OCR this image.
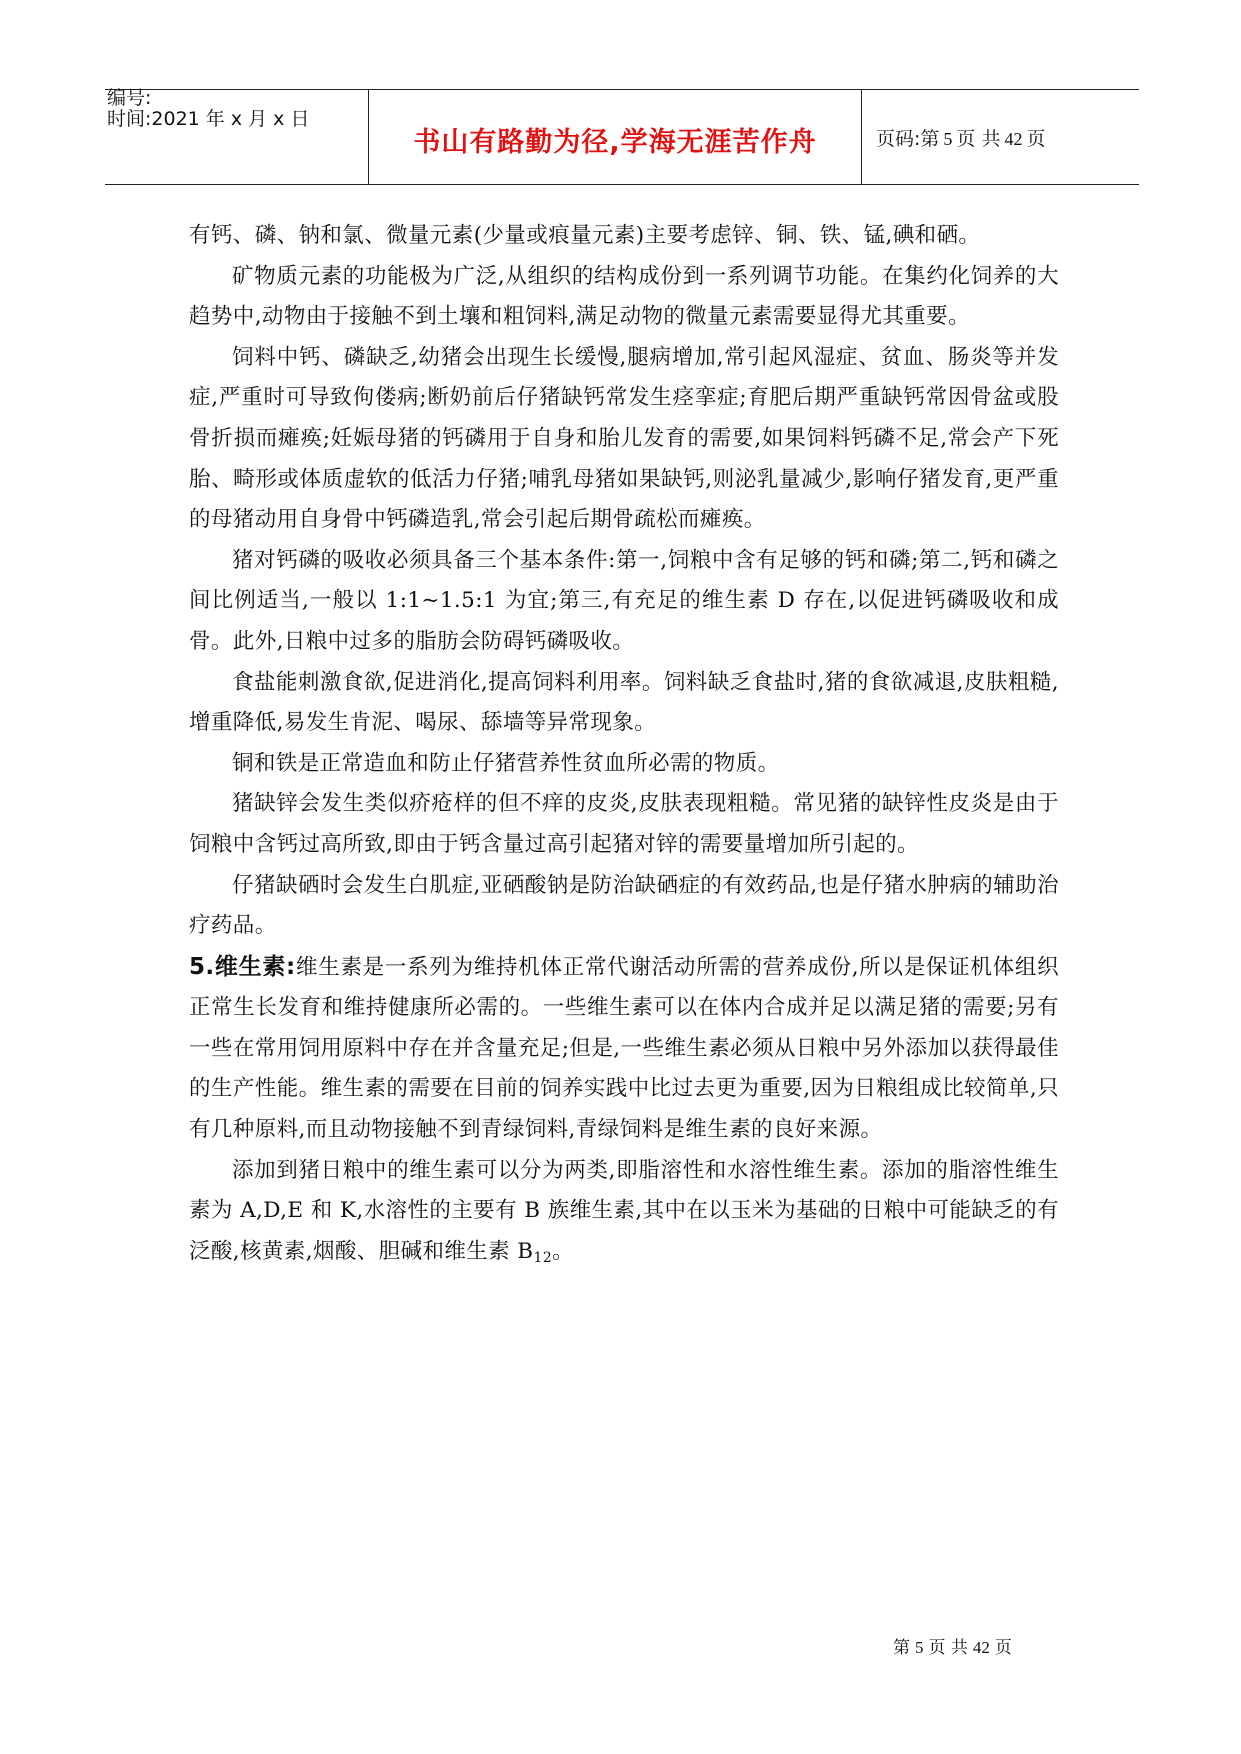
编号:
时间:2021 年 x 月 x 日
书山有路勤为径,学海无涯苦作舟	页码:第 5 页 共 42 页

有钙、磷、钠和氯、微量元素(少量或痕量元素)主要考虑锌、铜、铁、锰,碘和硒。

矿物质元素的功能极为广泛,从组织的结构成份到一系列调节功能。在集约化饲养的大趋势中,动物由于接触不到土壤和粗饲料,满足动物的微量元素需要显得尤其重要。

饲料中钙、磷缺乏,幼猪会出现生长缓慢,腿病增加,常引起风湿症、贫血、肠炎等并发症,严重时可导致佝偻病;断奶前后仔猪缺钙常发生痉挛症;育肥后期严重缺钙常因骨盆或股骨折损而瘫痪;妊娠母猪的钙磷用于自身和胎儿发育的需要,如果饲料钙磷不足,常会产下死胎、畸形或体质虚软的低活力仔猪;哺乳母猪如果缺钙,则泌乳量减少,影响仔猪发育,更严重的母猪动用自身骨中钙磷造乳,常会引起后期骨疏松而瘫痪。

猪对钙磷的吸收必须具备三个基本条件:第一,饲粮中含有足够的钙和磷;第二,钙和磷之间比例适当,一般以 1:1~1.5:1 为宜;第三,有充足的维生素 D 存在,以促进钙磷吸收和成骨。此外,日粮中过多的脂肪会防碍钙磷吸收。

食盐能刺激食欲,促进消化,提高饲料利用率。饲料缺乏食盐时,猪的食欲减退,皮肤粗糙,增重降低,易发生肯泥、喝尿、舔墙等异常现象。

铜和铁是正常造血和防止仔猪营养性贫血所必需的物质。

猪缺锌会发生类似疥疮样的但不痒的皮炎,皮肤表现粗糙。常见猪的缺锌性皮炎是由于饲粮中含钙过高所致,即由于钙含量过高引起猪对锌的需要量增加所引起的。

仔猪缺硒时会发生白肌症,亚硒酸钠是防治缺硒症的有效药品,也是仔猪水肿病的辅助治疗药品。

5.维生素:维生素是一系列为维持机体正常代谢活动所需的营养成份,所以是保证机体组织正常生长发育和维持健康所必需的。一些维生素可以在体内合成并足以满足猪的需要;另有一些在常用饲用原料中存在并含量充足;但是,一些维生素必须从日粮中另外添加以获得最佳的生产性能。维生素的需要在目前的饲养实践中比过去更为重要,因为日粮组成比较简单,只有几种原料,而且动物接触不到青绿饲料,青绿饲料是维生素的良好来源。

添加到猪日粮中的维生素可以分为两类,即脂溶性和水溶性维生素。添加的脂溶性维生素为 A,D,E 和 K,水溶性的主要有 B 族维生素,其中在以玉米为基础的日粮中可能缺乏的有泛酸,核黄素,烟酸、胆碱和维生素 $B_{12}$。

第 5 页 共 42 页
